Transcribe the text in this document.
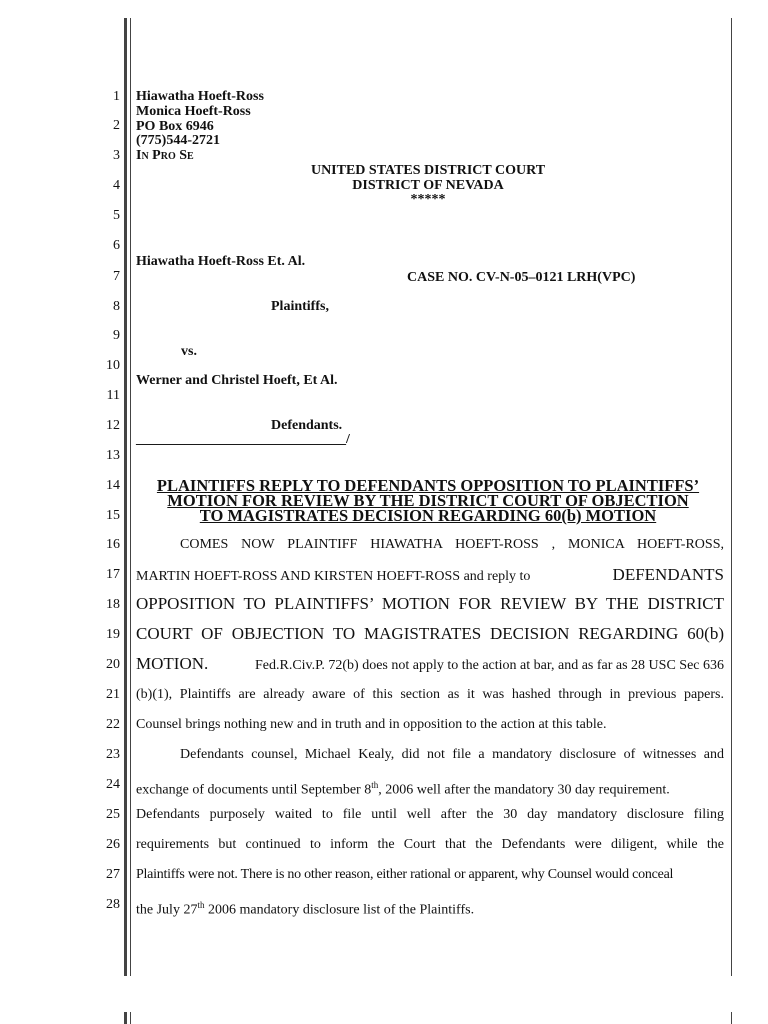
1
2
3
4
5
6
7
8
9
10
11
12
13
14
15
16
17
18
19
20
21
22
23
24
25
26
27
28
Hiawatha Hoeft-Ross
Monica Hoeft-Ross
PO Box 6946
(775)544-2721
In Pro Se
UNITED STATES DISTRICT COURT
DISTRICT OF NEVADA
*****
Hiawatha Hoeft-Ross Et. Al.
CASE NO. CV-N-05–0121 LRH(VPC)
Plaintiffs,
vs.
Werner and Christel Hoeft, Et Al.
Defendants.
______________________________/
PLAINTIFFS REPLY TO DEFENDANTS OPPOSITION TO PLAINTIFFS’
MOTION FOR REVIEW BY THE DISTRICT COURT OF OBJECTION
TO MAGISTRATES DECISION REGARDING 60(b) MOTION
COMES NOW PLAINTIFF HIAWATHA HOEFT-ROSS , MONICA HOEFT-ROSS,
MARTIN HOEFT-ROSS AND KIRSTEN HOEFT-ROSS and reply to	DEFENDANTS
OPPOSITION TO PLAINTIFFS’ MOTION FOR REVIEW BY THE DISTRICT
COURT OF OBJECTION TO MAGISTRATES DECISION REGARDING 60(b)
MOTION.	Fed.R.Civ.P. 72(b) does not apply to the action at bar, and as far as 28 USC Sec 636
(b)(1), Plaintiffs are already aware of this section as it was hashed through in previous papers.
Counsel brings nothing new and in truth and in opposition to the action at this table.
Defendants counsel, Michael Kealy, did not file a mandatory disclosure of witnesses and
exchange of documents until September 8th, 2006 well after the mandatory 30 day requirement.
Defendants purposely waited to file until well after the 30 day mandatory disclosure filing
requirements but continued to inform the Court that the Defendants were diligent, while the
Plaintiffs were not. There is no other reason, either rational or apparent, why Counsel would conceal
the July 27th 2006 mandatory disclosure list of the Plaintiffs.
